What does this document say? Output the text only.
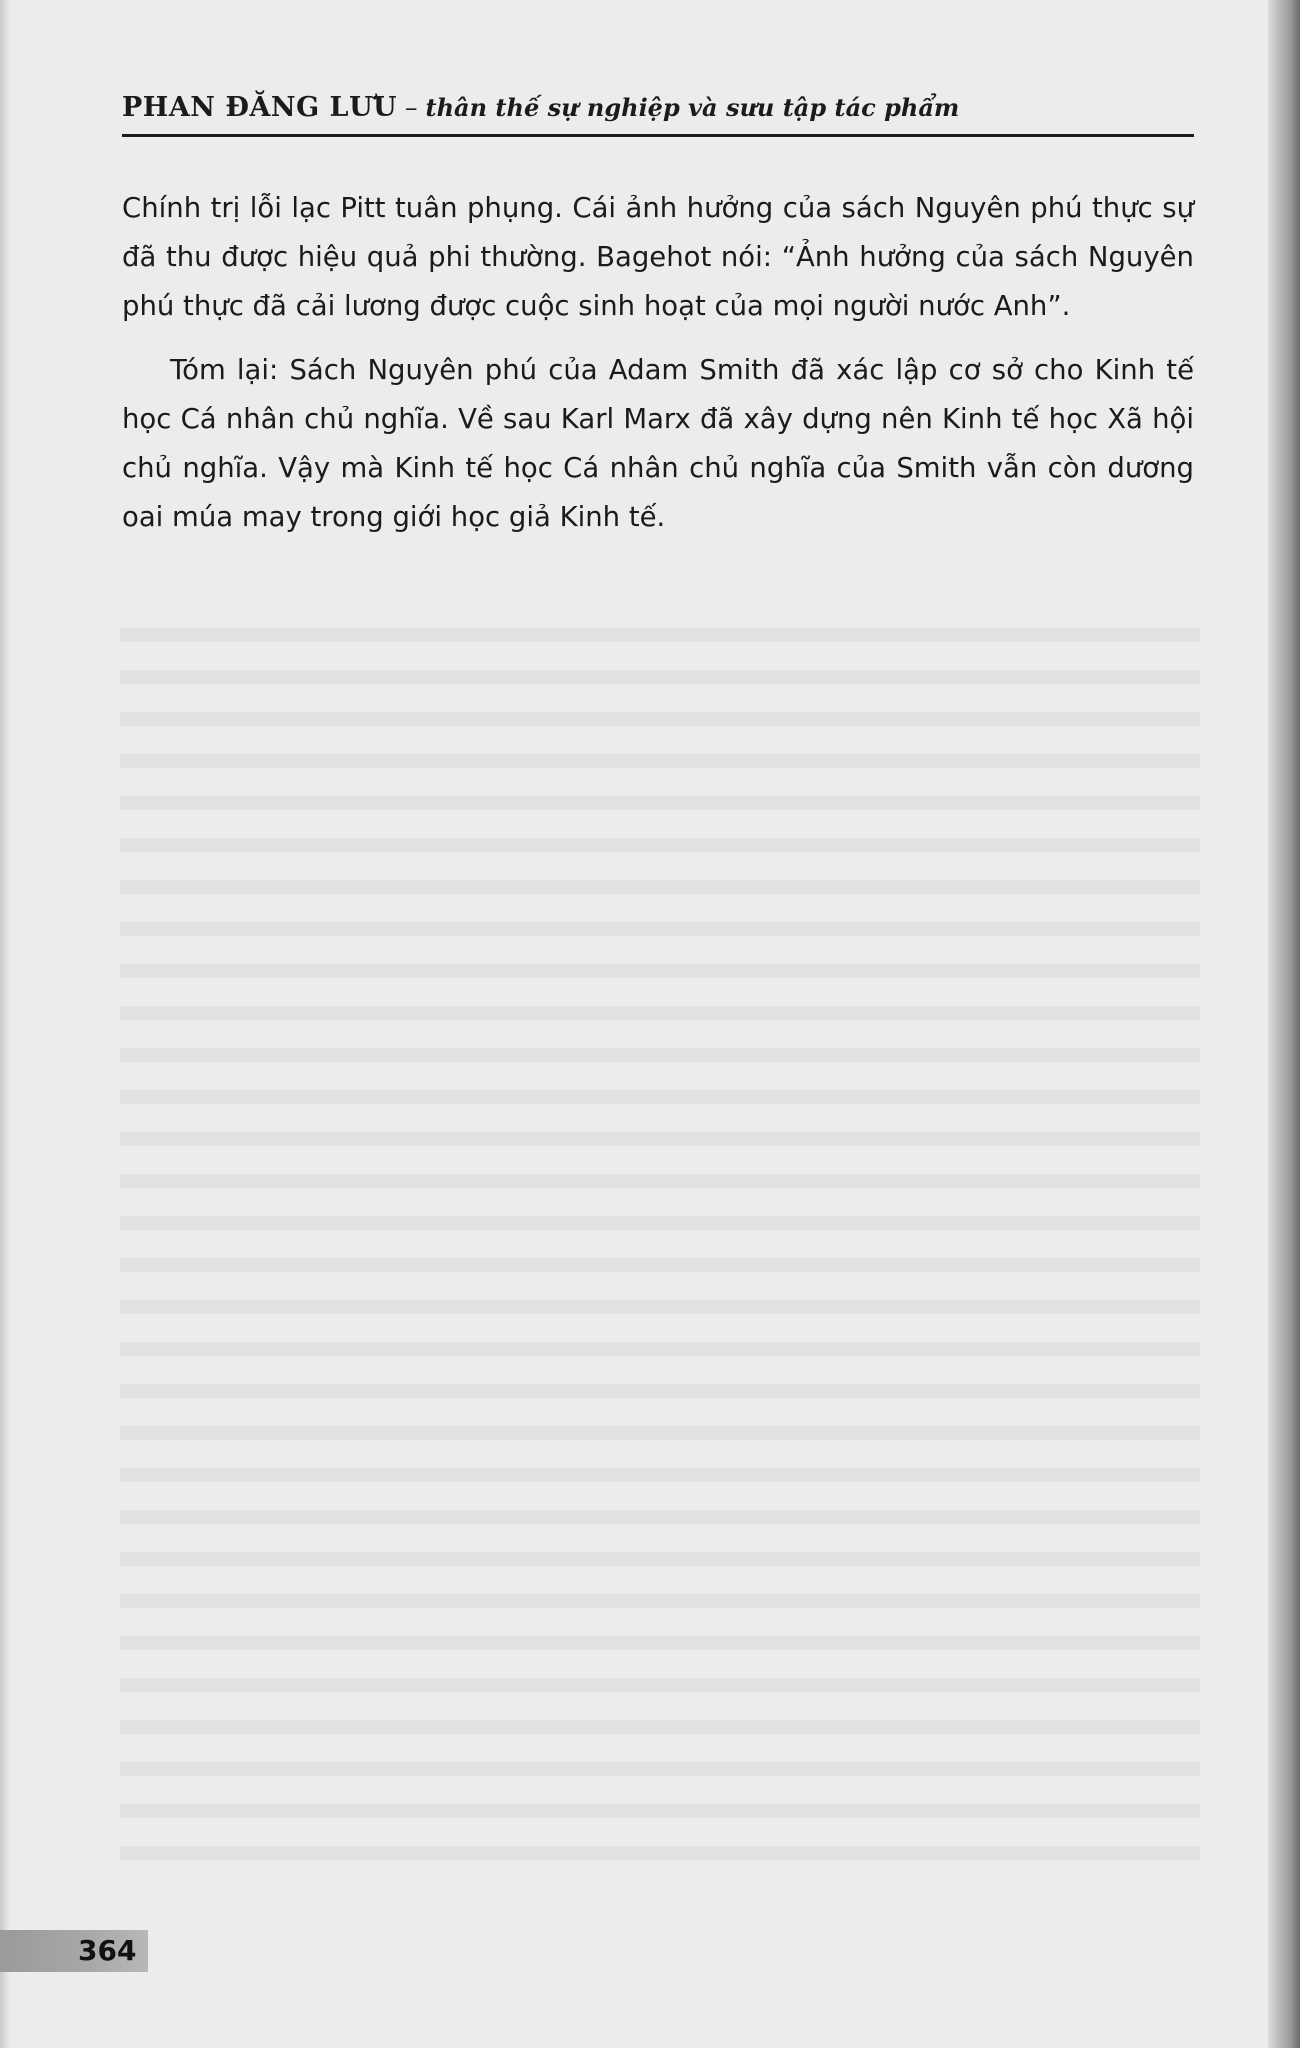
PHAN ĐĂNG LƯU – thân thế sự nghiệp và sưu tập tác phẩm

Chính trị lỗi lạc Pitt tuân phụng. Cái ảnh hưởng của sách Nguyên phú thực sự đã thu được hiệu quả phi thường. Bagehot nói: “Ảnh hưởng của sách Nguyên phú thực đã cải lương được cuộc sinh hoạt của mọi người nước Anh”.

Tóm lại: Sách Nguyên phú của Adam Smith đã xác lập cơ sở cho Kinh tế học Cá nhân chủ nghĩa. Về sau Karl Marx đã xây dựng nên Kinh tế học Xã hội chủ nghĩa. Vậy mà Kinh tế học Cá nhân chủ nghĩa của Smith vẫn còn dương oai múa may trong giới học giả Kinh tế.

364
